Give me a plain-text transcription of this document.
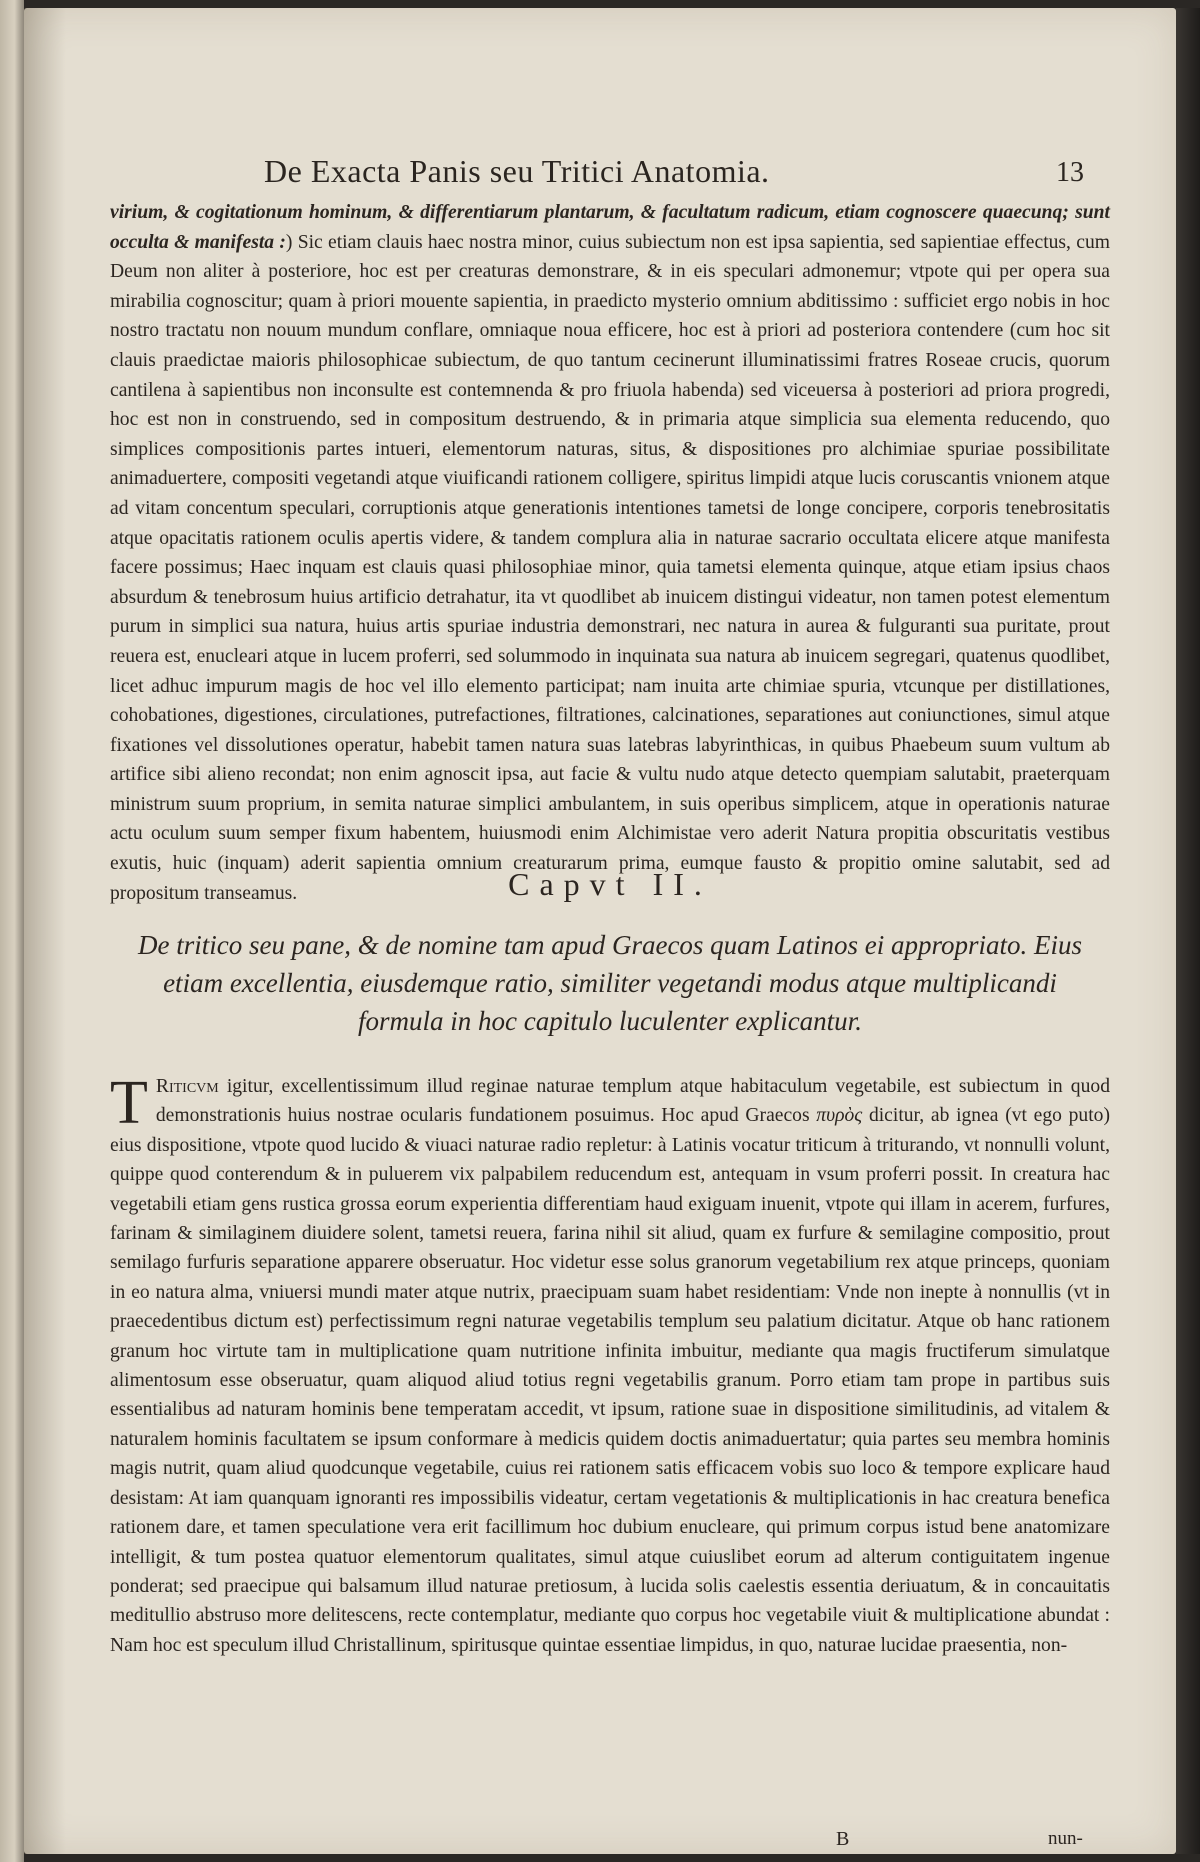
De Exacta Panis seu Tritici Anatomia.	13
virium, & cogitationum hominum, & differentiarum plantarum, & facultatum radicum, etiam cognoscere quaecunq; sunt occulta & manifesta :) Sic etiam clauis haec nostra minor, cuius subiectum non est ipsa sapientia, sed sapientiae effectus, cum Deum non aliter à posteriore, hoc est per creaturas demonstrare, & in eis speculari admonemur; vtpote qui per opera sua mirabilia cognoscitur; quam à priori mouente sapientia, in praedicto mysterio omnium abditissimo : sufficiet ergo nobis in hoc nostro tractatu non nouum mundum conflare, omniaque noua efficere, hoc est à priori ad posteriora contendere (cum hoc sit clauis praedictae maioris philosophicae subiectum, de quo tantum cecinerunt illuminatissimi fratres Roseae crucis, quorum cantilena à sapientibus non inconsulte est contemnenda & pro friuola habenda) sed viceuersa à posteriori ad priora progredi, hoc est non in construendo, sed in compositum destruendo, & in primaria atque simplicia sua elementa reducendo, quo simplices compositionis partes intueri, elementorum naturas, situs, & dispositiones pro alchimiae spuriae possibilitate animaduertere, compositi vegetandi atque viuificandi rationem colligere, spiritus limpidi atque lucis coruscantis vnionem atque ad vitam concentum speculari, corruptionis atque generationis intentiones tametsi de longe concipere, corporis tenebrositatis atque opacitatis rationem oculis apertis videre, & tandem complura alia in naturae sacrario occultata elicere atque manifesta facere possimus; Haec inquam est clauis quasi philosophiae minor, quia tametsi elementa quinque, atque etiam ipsius chaos absurdum & tenebrosum huius artificio detrahatur, ita vt quodlibet ab inuicem distingui videatur, non tamen potest elementum purum in simplici sua natura, huius artis spuriae industria demonstrari, nec natura in aurea & fulguranti sua puritate, prout reuera est, enucleari atque in lucem proferri, sed solummodo in inquinata sua natura ab inuicem segregari, quatenus quodlibet, licet adhuc impurum magis de hoc vel illo elemento participat; nam inuita arte chimiae spuria, vtcunque per distillationes, cohobationes, digestiones, circulationes, putrefactiones, filtrationes, calcinationes, separationes aut coniunctiones, simul atque fixationes vel dissolutiones operatur, habebit tamen natura suas latebras labyrinthicas, in quibus Phaebeum suum vultum ab artifice sibi alieno recondat; non enim agnoscit ipsa, aut facie & vultu nudo atque detecto quempiam salutabit, praeterquam ministrum suum proprium, in semita naturae simplici ambulantem, in suis operibus simplicem, atque in operationis naturae actu oculum suum semper fixum habentem, huiusmodi enim Alchimistae vero aderit Natura propitia obscuritatis vestibus exutis, huic (inquam) aderit sapientia omnium creaturarum prima, eumque fausto & propitio omine salutabit, sed ad propositum transeamus.	Capvt II.
De tritico seu pane, & de nomine tam apud Graecos quam Latinos ei appropriato. Eius etiam excellentia, eiusdemque ratio, similiter vegetandi modus atque multiplicandi formula in hoc capitulo luculenter explicantur.
T Riticvm igitur, excellentissimum illud reginae naturae templum atque habitaculum vegetabile, est subiectum in quod demonstrationis huius nostrae ocularis fundationem posuimus. Hoc apud Graecos πυρὸς dicitur, ab ignea (vt ego puto) eius dispositione, vtpote quod lucido & viuaci naturae radio repletur: à Latinis vocatur triticum à triturando, vt nonnulli volunt, quippe quod conterendum & in puluerem vix palpabilem reducendum est, antequam in vsum proferri possit. In creatura hac vegetabili etiam gens rustica grossa eorum experientia differentiam haud exiguam inuenit, vtpote qui illam in acerem, furfures, farinam & similaginem diuidere solent, tametsi reuera, farina nihil sit aliud, quam ex furfure & semilagine compositio, prout semilago furfuris separatione apparere obseruatur. Hoc videtur esse solus granorum vegetabilium rex atque princeps, quoniam in eo natura alma, vniuersi mundi mater atque nutrix, praecipuam suam habet residentiam: Vnde non inepte à nonnullis (vt in praecedentibus dictum est) perfectissimum regni naturae vegetabilis templum seu palatium dicitatur. Atque ob hanc rationem granum hoc virtute tam in multiplicatione quam nutritione infinita imbuitur, mediante qua magis fructiferum simulatque alimentosum esse obseruatur, quam aliquod aliud totius regni vegetabilis granum. Porro etiam tam prope in partibus suis essentialibus ad naturam hominis bene temperatam accedit, vt ipsum, ratione suae in dispositione similitudinis, ad vitalem & naturalem hominis facultatem se ipsum conformare à medicis quidem doctis animaduertatur; quia partes seu membra hominis magis nutrit, quam aliud quodcunque vegetabile, cuius rei rationem satis efficacem vobis suo loco & tempore explicare haud desistam: At iam quanquam ignoranti res impossibilis videatur, certam vegetationis & multiplicationis in hac creatura benefica rationem dare, et tamen speculatione vera erit facillimum hoc dubium enucleare, qui primum corpus istud bene anatomizare intelligit, & tum postea quatuor elementorum qualitates, simul atque cuiuslibet eorum ad alterum contiguitatem ingenue ponderat; sed praecipue qui balsamum illud naturae pretiosum, à lucida solis caelestis essentia deriuatum, & in concauitatis meditullio abstruso more delitescens, recte contemplatur, mediante quo corpus hoc vegetabile viuit & multiplicatione abundat : Nam hoc est speculum illud Christallinum, spiritusque quintae essentiae limpidus, in quo, naturae lucidae praesentia, non-
B	nun-
